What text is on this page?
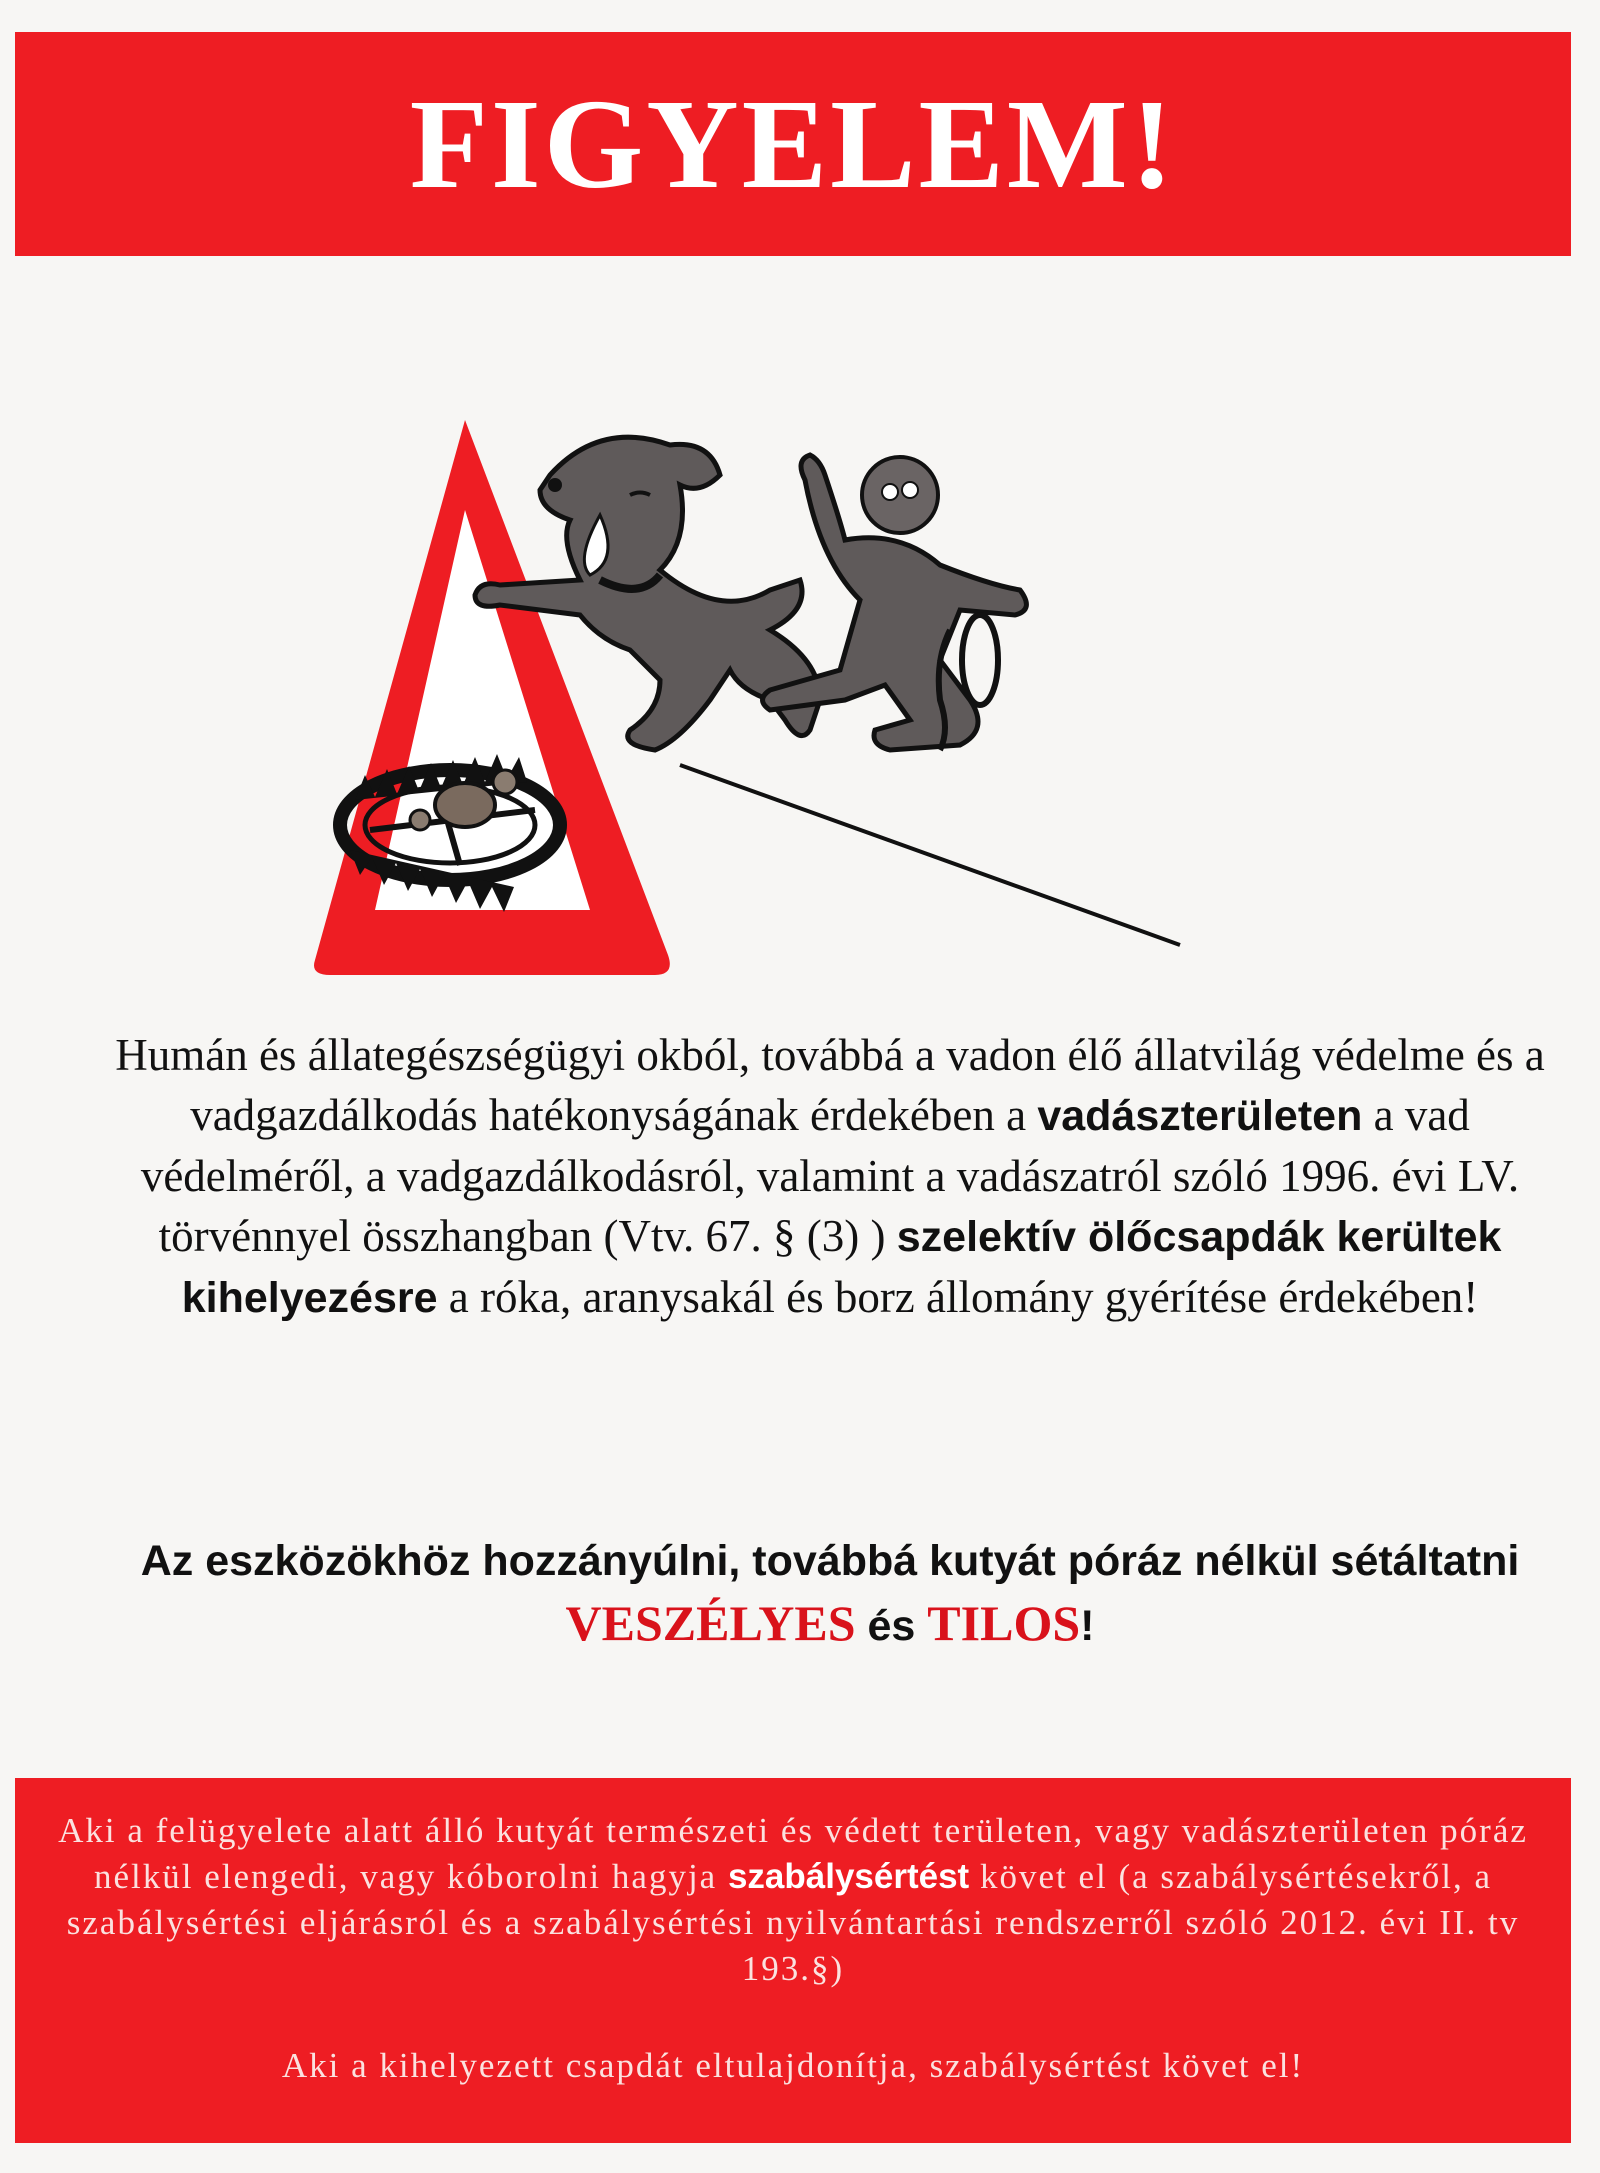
FIGYELEM!
Humán és állategészségügyi okból, továbbá a vadon élő állatvilág védelme és a vadgazdálkodás hatékonyságának érdekében a vadászterületen a vad védelméről, a vadgazdálkodásról, valamint a vadászatról szóló 1996. évi LV. törvénnyel összhangban (Vtv. 67. § (3) ) szelektív ölőcsapdák kerültek kihelyezésre a róka, aranysakál és borz állomány gyérítése érdekében!
Az eszközökhöz hozzányúlni, továbbá kutyát póráz nélkül sétáltatni VESZÉLYES és TILOS!
Aki a felügyelete alatt álló kutyát természeti és védett területen, vagy vadászterületen póráz nélkül elengedi, vagy kóborolni hagyja szabálysértést követ el (a szabálysértésekről, a szabálysértési eljárásról és a szabálysértési nyilvántartási rendszerről szóló 2012. évi II. tv 193.§)
Aki a kihelyezett csapdát eltulajdonítja, szabálysértést követ el!
